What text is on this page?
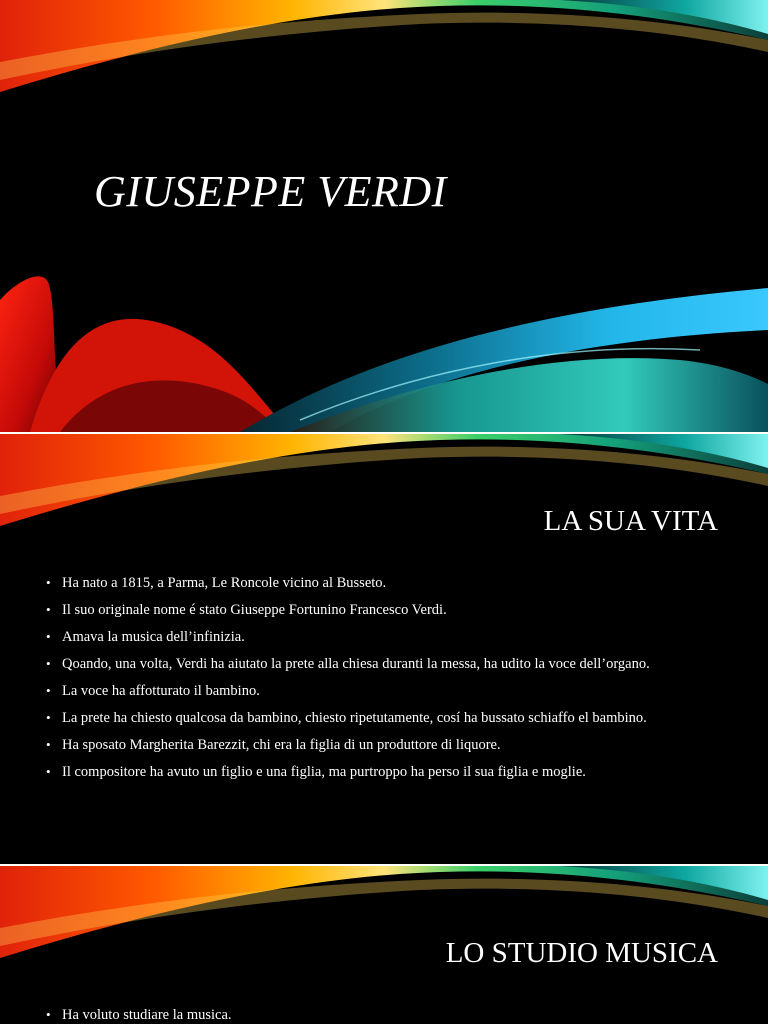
GIUSEPPE VERDI
LA SUA VITA
• Ha nato a 1815, a Parma, Le Roncole vicino al Busseto.
• Il suo originale nome é stato Giuseppe Fortunino Francesco Verdi.
• Amava la musica dell’infinizia.
• Qoando, una volta, Verdi ha aiutato la prete alla chiesa duranti la messa, ha udito la voce dell’organo.
• La voce ha affotturato il bambino.
• La prete ha chiesto qualcosa da bambino, chiesto ripetutamente, cosí ha bussato schiaffo el bambino.
• Ha sposato Margherita Barezzit, chi era la figlia di un produttore di liquore.
• Il compositore ha avuto un figlio e una figlia, ma purtroppo ha perso il sua figlia e moglie.
LO STUDIO MUSICA
• Ha voluto studiare la musica.
